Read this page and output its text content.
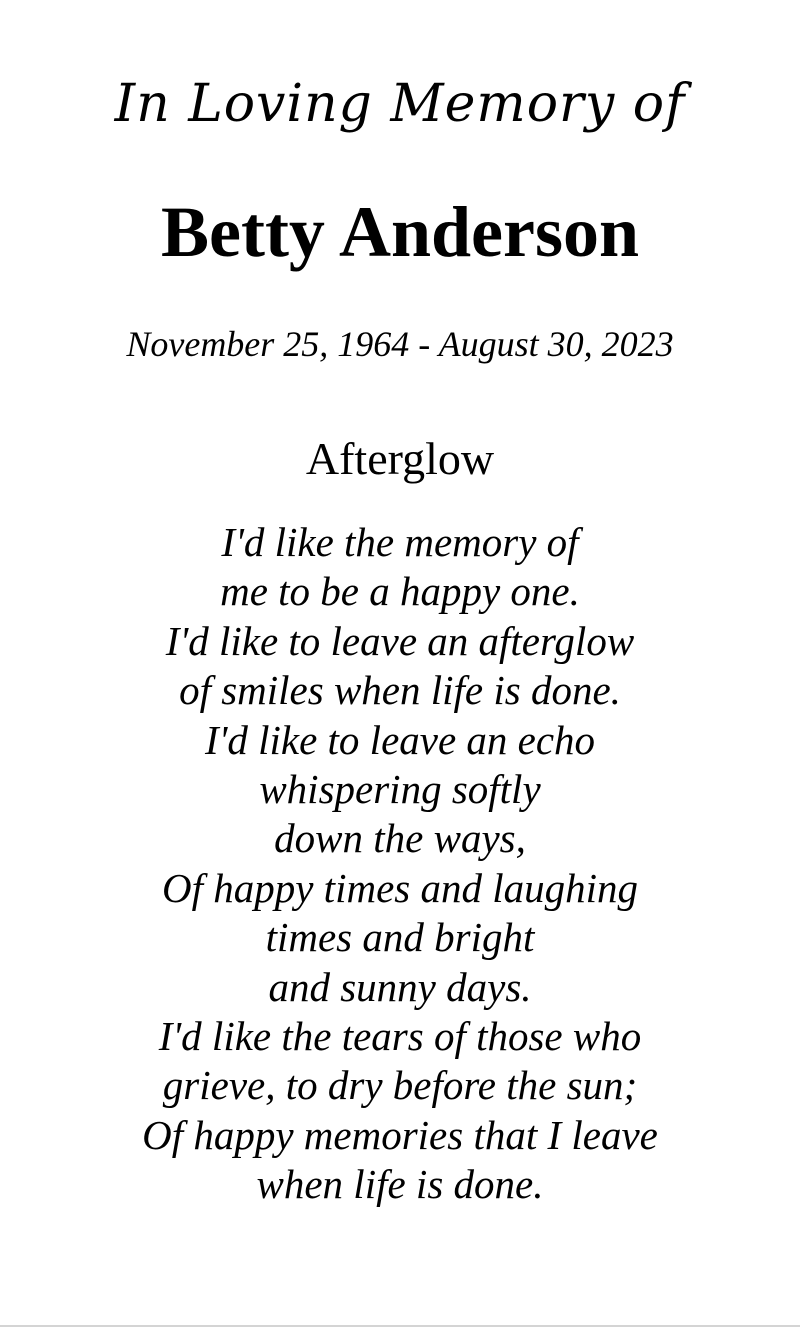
In Loving Memory of
Betty Anderson
November 25, 1964 - August 30, 2023
Afterglow
I'd like the memory of
me to be a happy one.
I'd like to leave an afterglow
of smiles when life is done.
I'd like to leave an echo
whispering softly
down the ways,
Of happy times and laughing
times and bright
and sunny days.
I'd like the tears of those who
grieve, to dry before the sun;
Of happy memories that I leave
when life is done.
